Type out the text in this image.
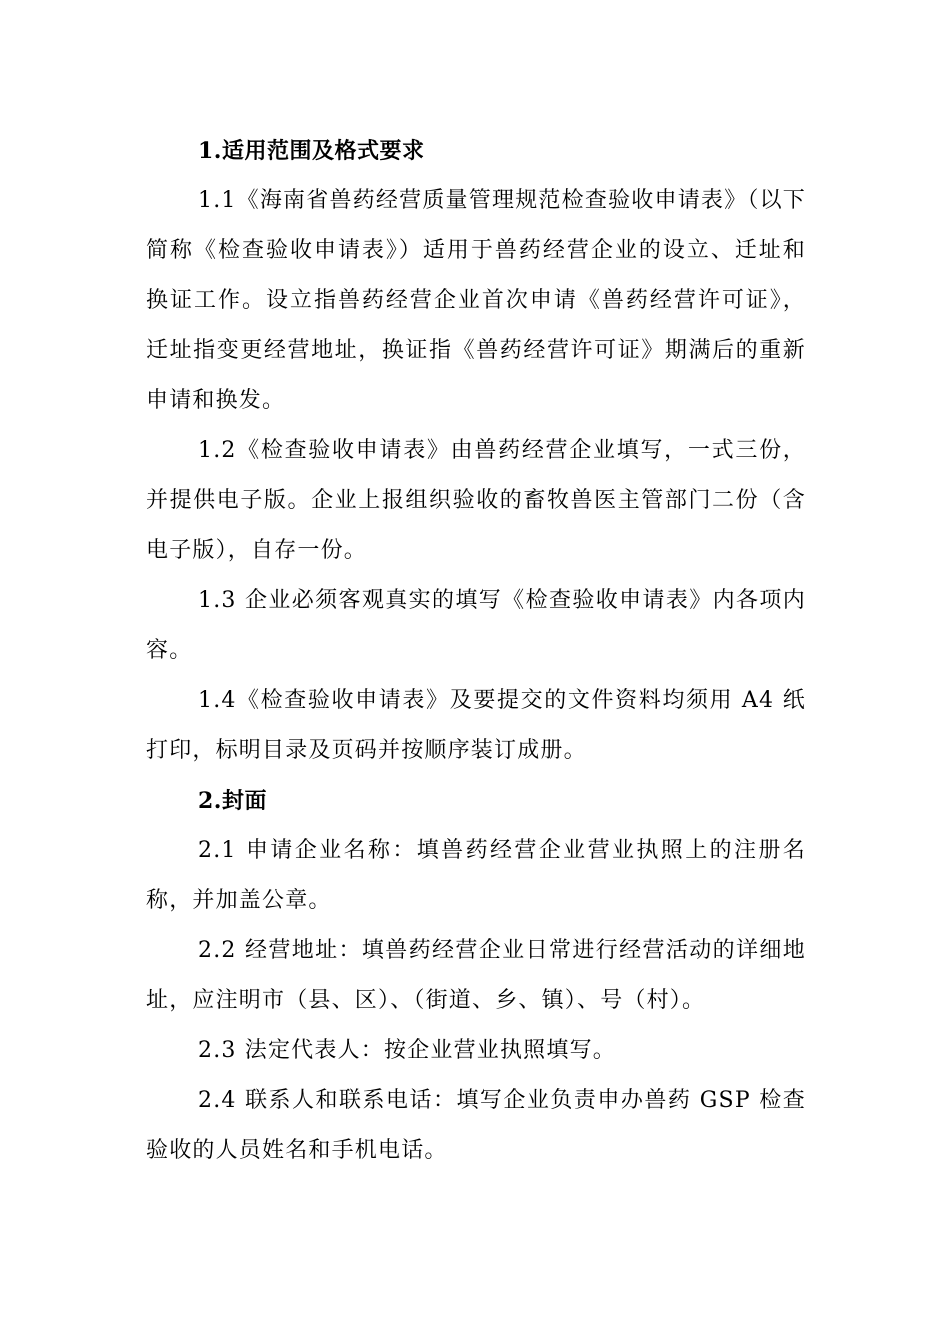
1.适用范围及格式要求

1.1《海南省兽药经营质量管理规范检查验收申请表》（以下简称《检查验收申请表》）适用于兽药经营企业的设立、迁址和换证工作。设立指兽药经营企业首次申请《兽药经营许可证》，迁址指变更经营地址，换证指《兽药经营许可证》期满后的重新申请和换发。

1.2《检查验收申请表》由兽药经营企业填写，一式三份，并提供电子版。企业上报组织验收的畜牧兽医主管部门二份（含电子版），自存一份。

1.3 企业必须客观真实的填写《检查验收申请表》内各项内容。

1.4《检查验收申请表》及要提交的文件资料均须用 A4 纸打印，标明目录及页码并按顺序装订成册。

2.封面

2.1 申请企业名称：填兽药经营企业营业执照上的注册名称，并加盖公章。

2.2 经营地址：填兽药经营企业日常进行经营活动的详细地址，应注明市（县、区）、（街道、乡、镇）、号（村）。

2.3 法定代表人：按企业营业执照填写。

2.4 联系人和联系电话：填写企业负责申办兽药 GSP 检查验收的人员姓名和手机电话。
